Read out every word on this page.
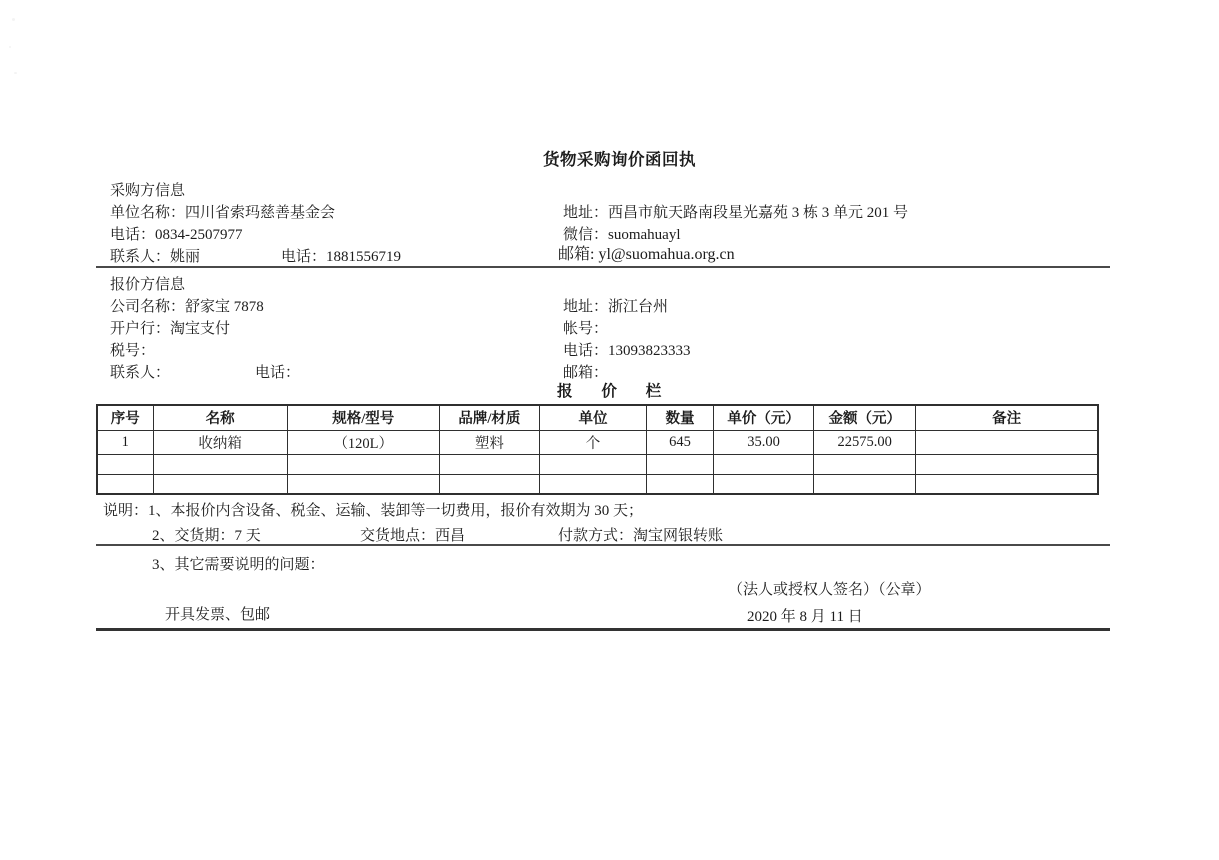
货物采购询价函回执
采购方信息
单位名称：四川省索玛慈善基金会	地址：西昌市航天路南段星光嘉苑 3 栋 3 单元 201 号
电话：0834-2507977	微信：suomahuayl
联系人：姚丽	电话：1881556719	邮箱: yl@suomahua.org.cn
报价方信息
公司名称：舒家宝 7878	地址：浙江台州
开户行：淘宝支付	帐号：
税号：	电话：13093823333
联系人：	电话：	邮箱：
报 价 栏
序号	名称	规格/型号	品牌/材质	单位	数量	单价（元）	金额（元）	备注
1	收纳箱	（120L）	塑料	个	645	35.00	22575.00	

说明：1、本报价内含设备、税金、运输、装卸等一切费用，报价有效期为 30 天；
2、交货期：7 天	交货地点：西昌	付款方式：淘宝网银转账
3、其它需要说明的问题：
（法人或授权人签名）（公章）
开具发票、包邮	2020 年 8 月 11 日
